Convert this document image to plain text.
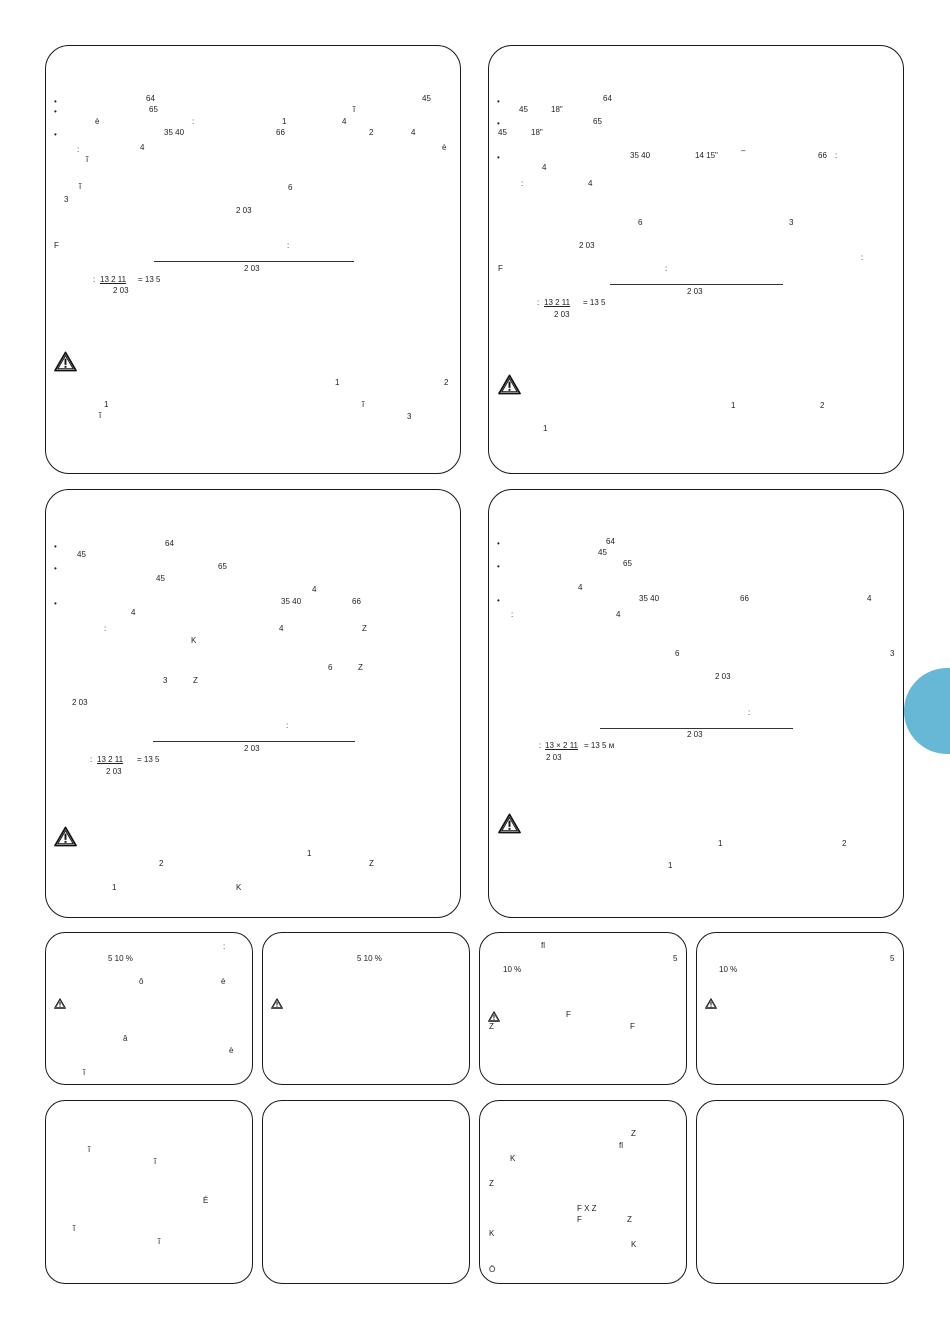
•	64	45
•	65	ĩ
è	:	1	4
•	35 40	66	2	4
:	4	è
ĩ
ĩ	6
3
2 03
F	:
2 03
: 13 2 11 = 13 5
2 03
1	2
1	ĩ
ĩ	3
•	64
45	18"
•	65
45	18"
•	35 40	14 15"
–
66 :
4
:	4
6	3
2 03
:
F	:
2 03
: 13 2 11 = 13 5
2 03
1	2
1
•	64
45
•	65
45
4
•	35 40	66
4
:	4	Z
K
6	Z
3	Z
2 03
:
2 03
: 13 2 11 = 13 5
2 03
1
2	Z
1	K
•	64
45
•	65
4
•	35 40	66	4
:	4
6	3
2 03
:
2 03
: 13 × 2 11 = 13 5 м
2 03
1	2
1
:
5 10 %
ô	è
â
è
ĩ
5 10 %
fl
5
10 %
F
Z	F
5
10 %
ĩ
ĩ
É
ĩ
ĩ
Z
fl
K
Z
F X Z
F	Z
K
K
Ö
